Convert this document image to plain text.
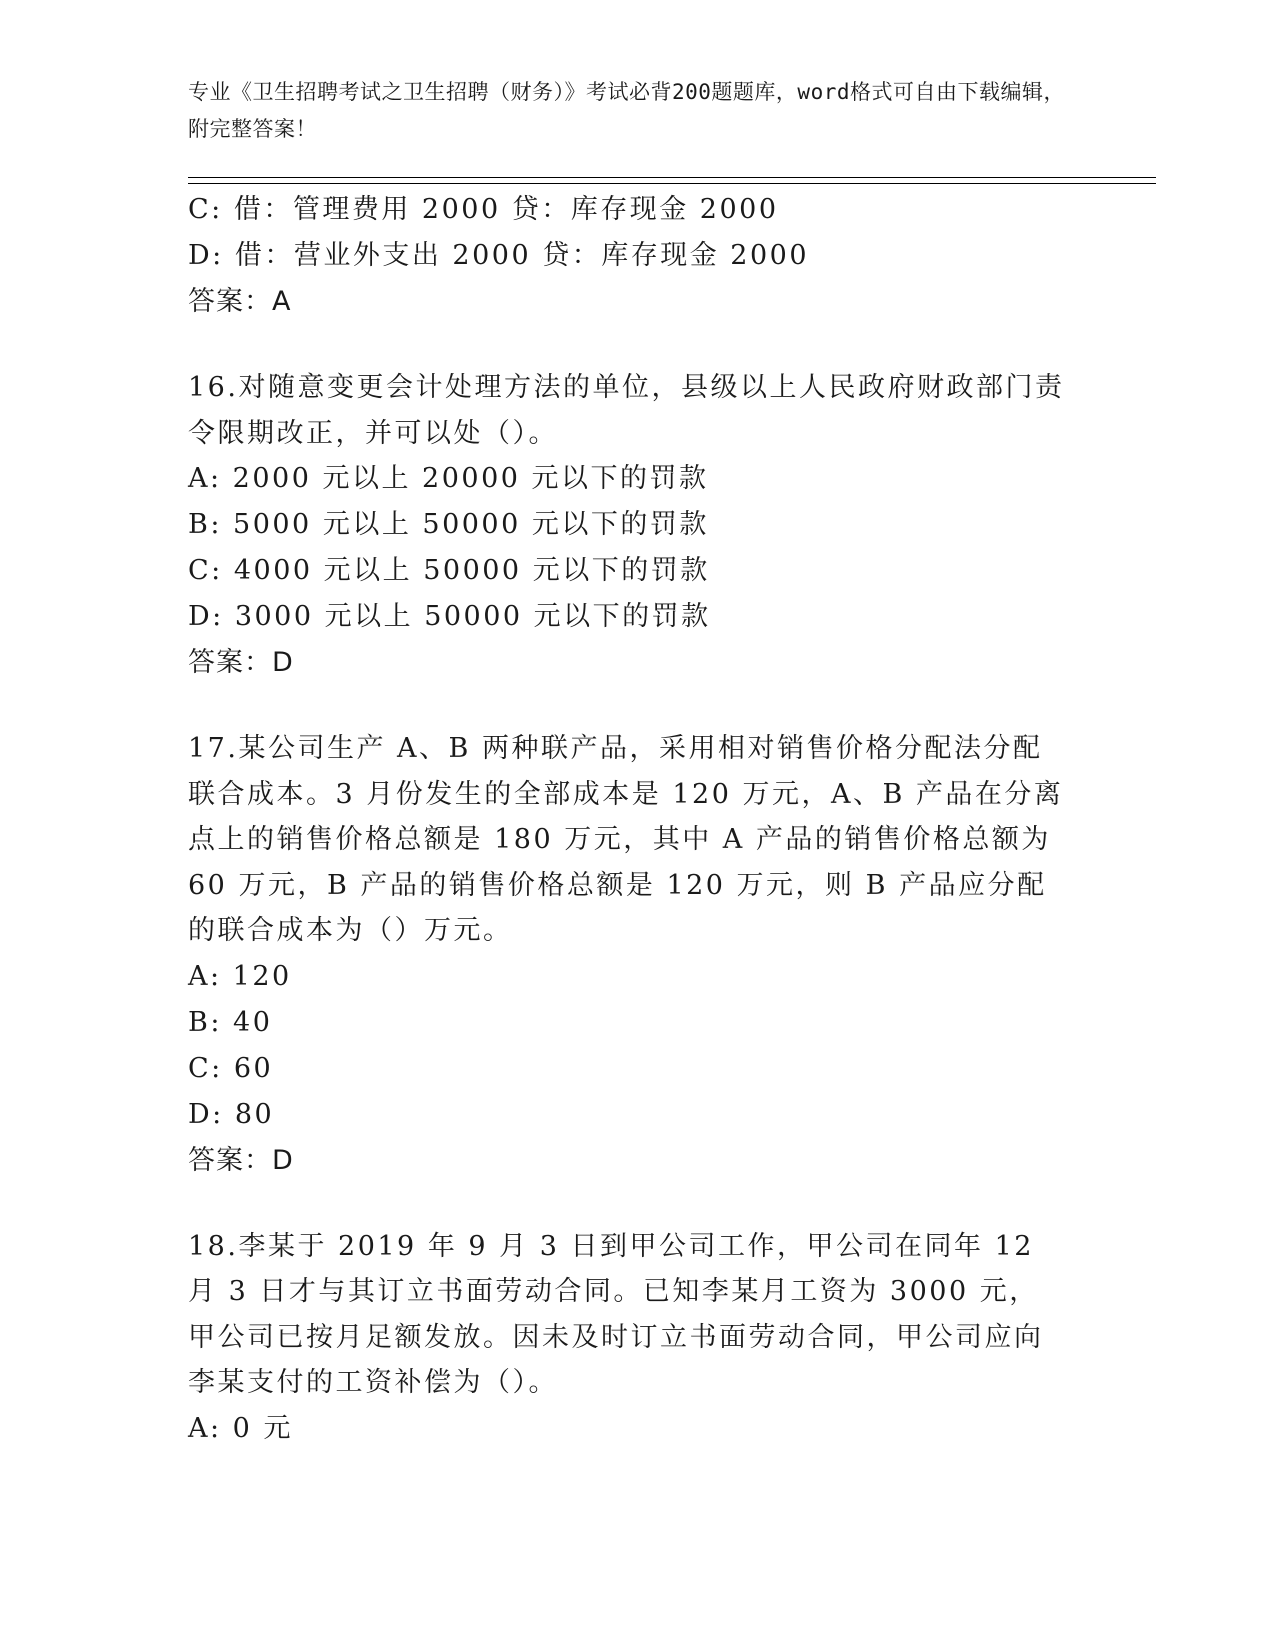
专业《卫生招聘考试之卫生招聘（财务）》考试必背200题题库，word格式可自由下载编辑，附完整答案！
C: 借：管理费用 2000 贷：库存现金 2000
D: 借：营业外支出 2000 贷：库存现金 2000
答案：A
16.对随意变更会计处理方法的单位，县级以上人民政府财政部门责令限期改正，并可以处（）。
A: 2000 元以上 20000 元以下的罚款
B: 5000 元以上 50000 元以下的罚款
C: 4000 元以上 50000 元以下的罚款
D: 3000 元以上 50000 元以下的罚款
答案：D
17.某公司生产 A、B 两种联产品，采用相对销售价格分配法分配联合成本。3 月份发生的全部成本是 120 万元，A、B 产品在分离点上的销售价格总额是 180 万元，其中 A 产品的销售价格总额为 60 万元，B 产品的销售价格总额是 120 万元，则 B 产品应分配的联合成本为（）万元。
A: 120
B: 40
C: 60
D: 80
答案：D
18.李某于 2019 年 9 月 3 日到甲公司工作，甲公司在同年 12 月 3 日才与其订立书面劳动合同。已知李某月工资为 3000 元，甲公司已按月足额发放。因未及时订立书面劳动合同，甲公司应向李某支付的工资补偿为（）。
A: 0 元
